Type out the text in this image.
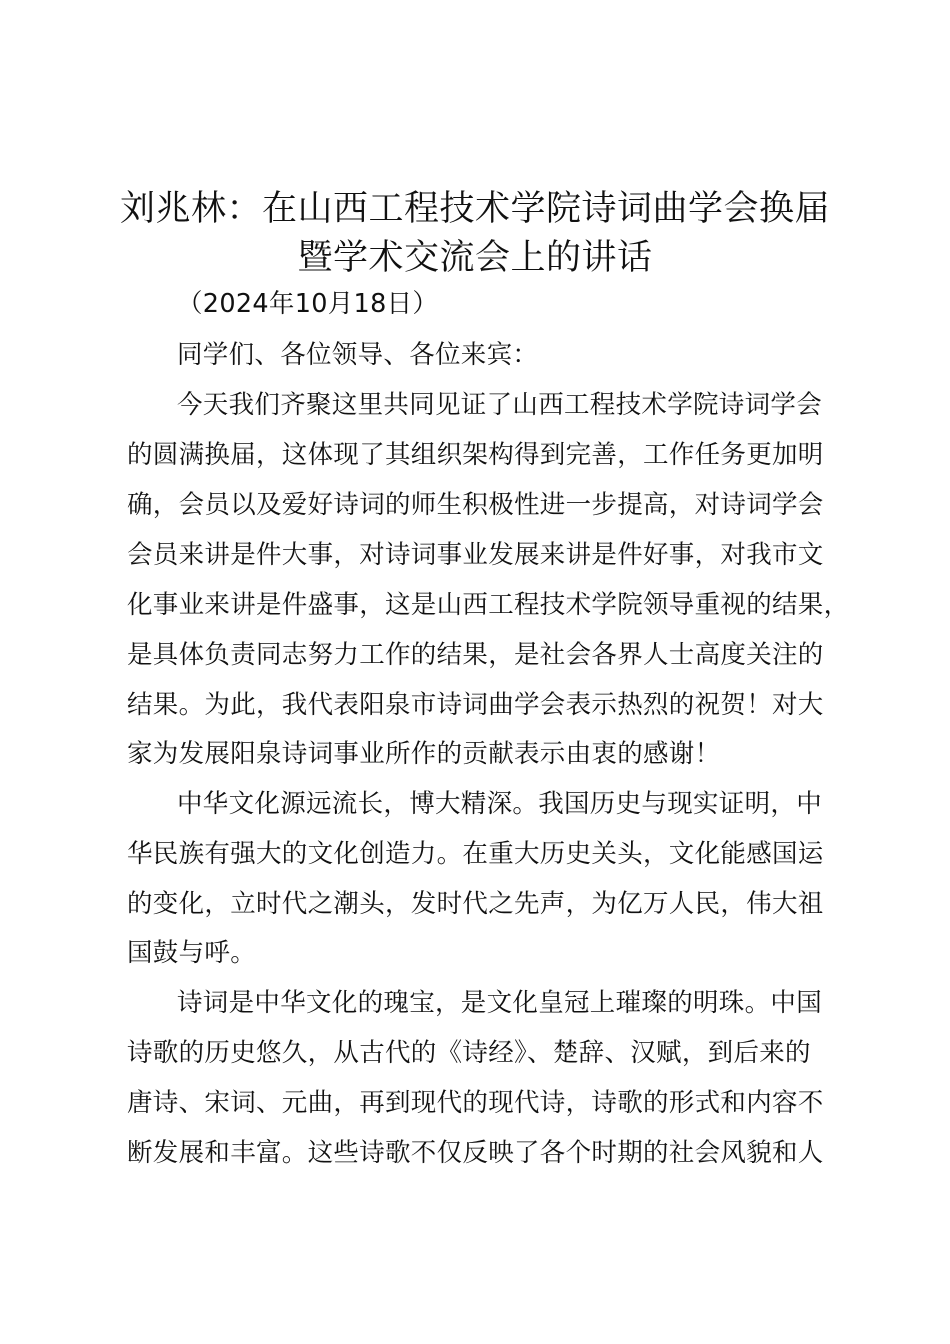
刘兆林：在山西工程技术学院诗词曲学会换届
暨学术交流会上的讲话
（2024年10月18日）
同学们、各位领导、各位来宾：
今天我们齐聚这里共同见证了山西工程技术学院诗词学会
的圆满换届，这体现了其组织架构得到完善，工作任务更加明
确，会员以及爱好诗词的师生积极性进一步提高，对诗词学会
会员来讲是件大事，对诗词事业发展来讲是件好事，对我市文
化事业来讲是件盛事，这是山西工程技术学院领导重视的结果，
是具体负责同志努力工作的结果，是社会各界人士高度关注的
结果。为此，我代表阳泉市诗词曲学会表示热烈的祝贺！对大
家为发展阳泉诗词事业所作的贡献表示由衷的感谢！
中华文化源远流长，博大精深。我国历史与现实证明，中
华民族有强大的文化创造力。在重大历史关头，文化能感国运
的变化，立时代之潮头，发时代之先声，为亿万人民，伟大祖
国鼓与呼。
诗词是中华文化的瑰宝，是文化皇冠上璀璨的明珠。中国
诗歌的历史悠久，从古代的《诗经》、楚辞、汉赋，到后来的
唐诗、宋词、元曲，再到现代的现代诗，诗歌的形式和内容不
断发展和丰富。这些诗歌不仅反映了各个时期的社会风貌和人
